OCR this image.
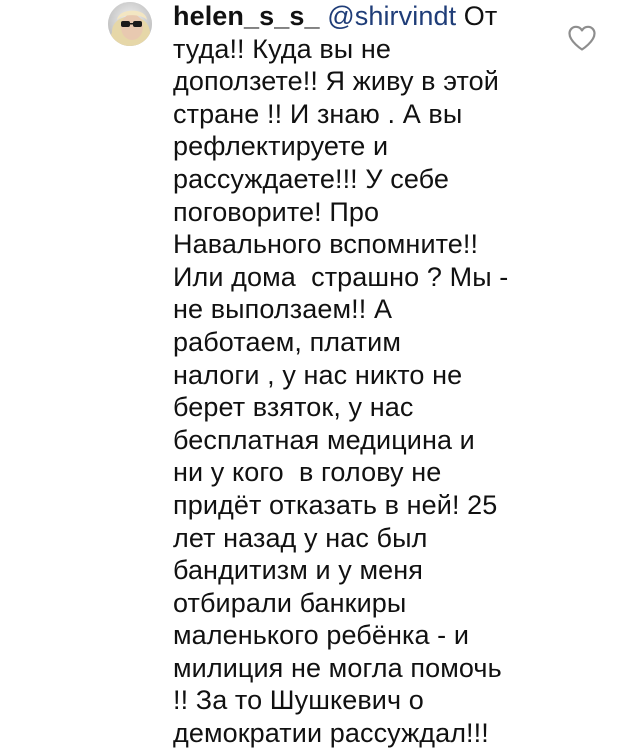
helen_s_s_ @shirvindt От
туда!! Куда вы не
доползете!! Я живу в этой
стране !! И знаю . А вы
рефлектируете и
рассуждаете!!! У себе
поговорите! Про
Навального вспомните!!
Или дома  страшно ? Мы -
не выползаем!! А
работаем, платим
налоги , у нас никто не
берет взяток, у нас
бесплатная медицина и
ни у кого  в голову не
придёт отказать в ней! 25
лет назад у нас был
бандитизм и у меня
отбирали банкиры
маленького ребёнка - и
милиция не могла помочь
!! За то Шушкевич о
демократии рассуждал!!!
